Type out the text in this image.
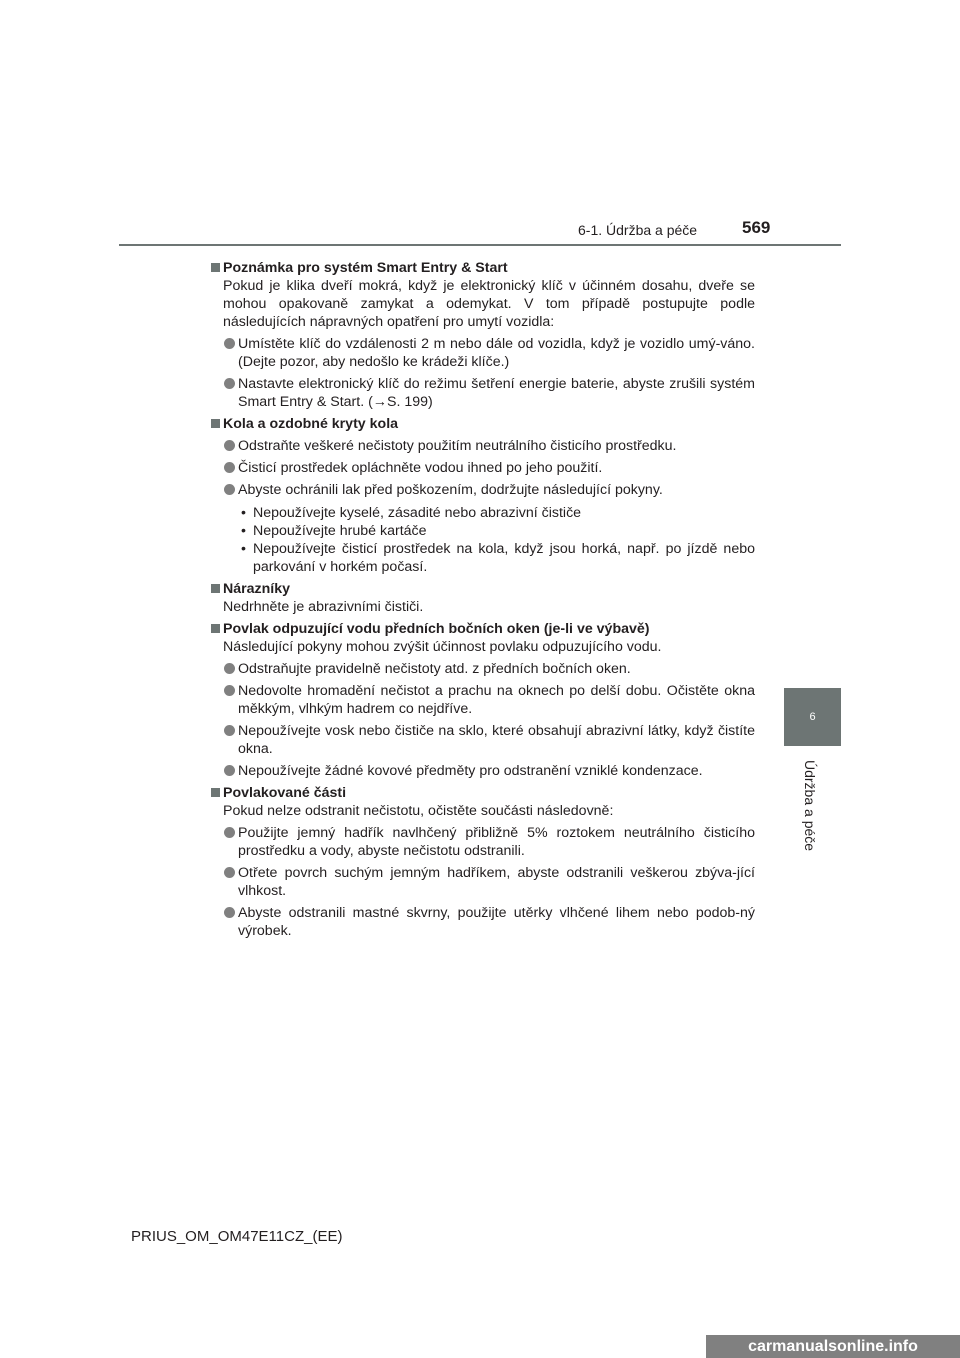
6-1. Údržba a péče	569
6
Údržba a péče
Poznámka pro systém Smart Entry & Start
Pokud je klika dveří mokrá, když je elektronický klíč v účinném dosahu, dveře se mohou opakovaně zamykat a odemykat. V tom případě postupujte podle následujících nápravných opatření pro umytí vozidla:
Umístěte klíč do vzdálenosti 2 m nebo dále od vozidla, když je vozidlo umý-váno. (Dejte pozor, aby nedošlo ke krádeži klíče.)
Nastavte elektronický klíč do režimu šetření energie baterie, abyste zrušili systém Smart Entry & Start. (→S. 199)
Kola a ozdobné kryty kola
Odstraňte veškeré nečistoty použitím neutrálního čisticího prostředku.
Čisticí prostředek opláchněte vodou ihned po jeho použití.
Abyste ochránili lak před poškozením, dodržujte následující pokyny.
• Nepoužívejte kyselé, zásadité nebo abrazivní čističe
• Nepoužívejte hrubé kartáče
• Nepoužívejte čisticí prostředek na kola, když jsou horká, např. po jízdě nebo parkování v horkém počasí.
Nárazníky
Nedrhněte je abrazivními čističi.
Povlak odpuzující vodu předních bočních oken (je-li ve výbavě)
Následující pokyny mohou zvýšit účinnost povlaku odpuzujícího vodu.
Odstraňujte pravidelně nečistoty atd. z předních bočních oken.
Nedovolte hromadění nečistot a prachu na oknech po delší dobu. Očistěte okna měkkým, vlhkým hadrem co nejdříve.
Nepoužívejte vosk nebo čističe na sklo, které obsahují abrazivní látky, když čistíte okna.
Nepoužívejte žádné kovové předměty pro odstranění vzniklé kondenzace.
Povlakované části
Pokud nelze odstranit nečistotu, očistěte součásti následovně:
Použijte jemný hadřík navlhčený přibližně 5% roztokem neutrálního čisticího prostředku a vody, abyste nečistotu odstranili.
Otřete povrch suchým jemným hadříkem, abyste odstranili veškerou zbýva-jící vlhkost.
Abyste odstranili mastné skvrny, použijte utěrky vlhčené lihem nebo podob-ný výrobek.
PRIUS_OM_OM47E11CZ_(EE)
carmanualsonline.info
